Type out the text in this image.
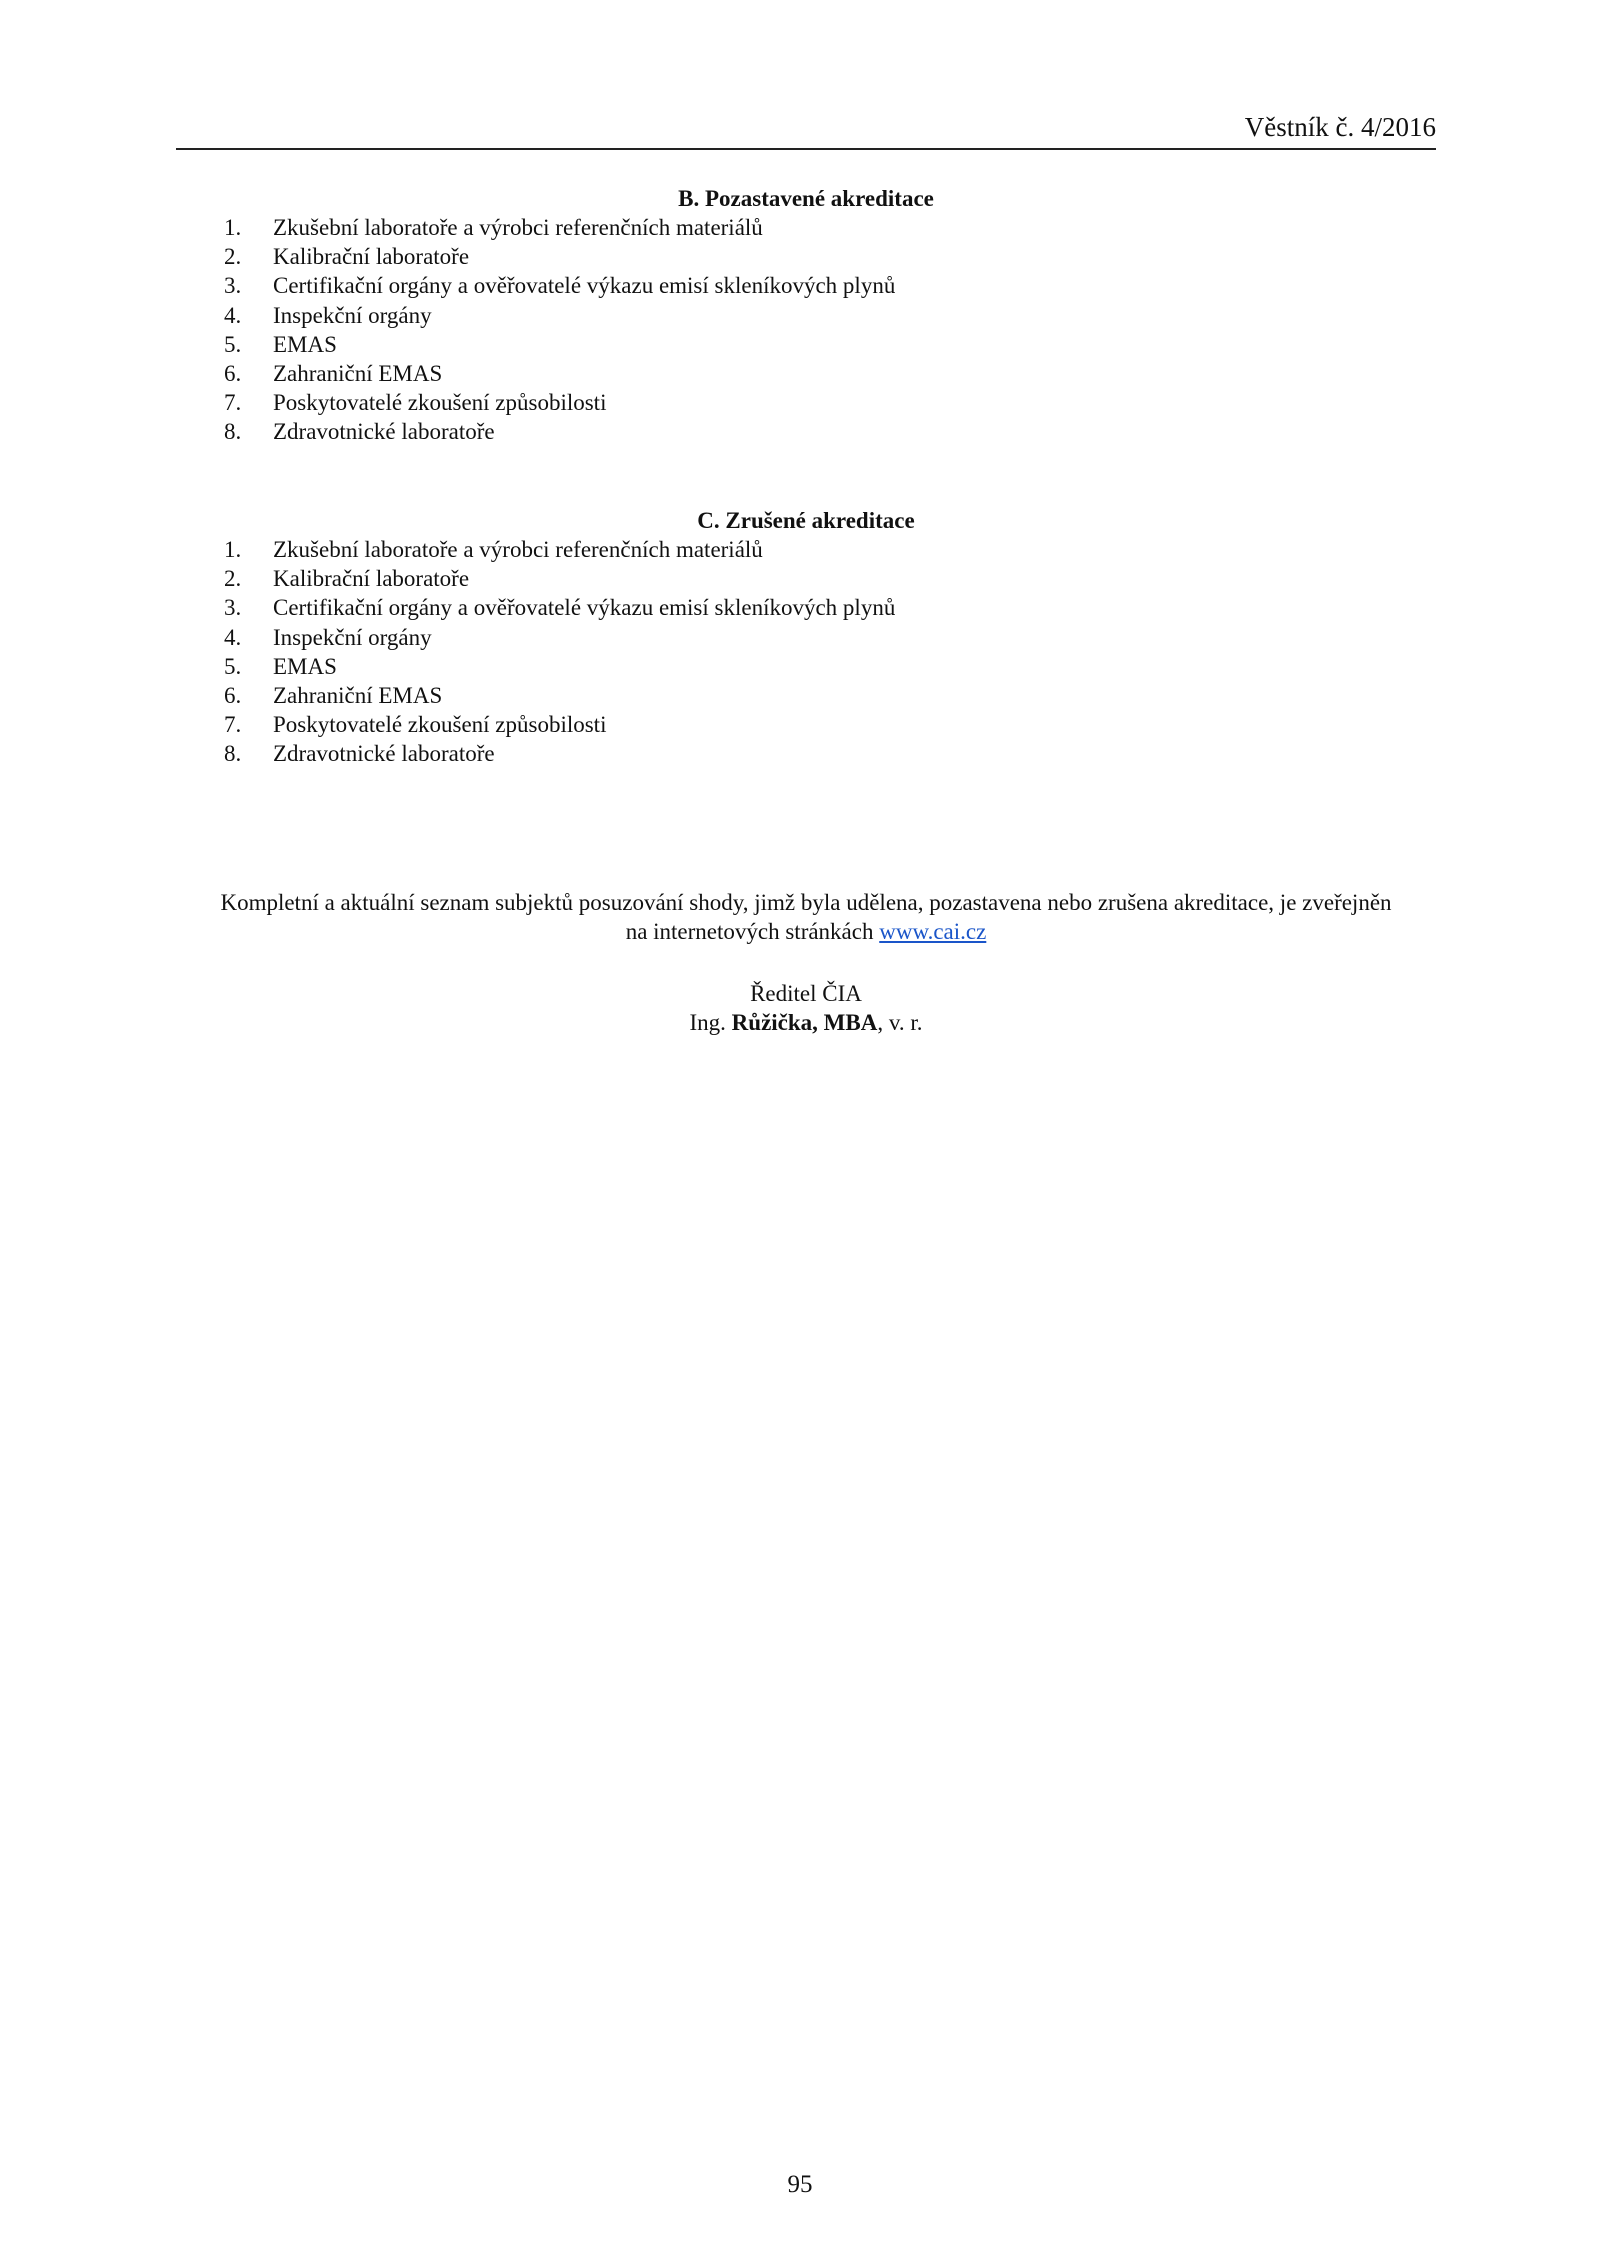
Věstník č. 4/2016
B. Pozastavené akreditace
1.	Zkušební laboratoře a výrobci referenčních materiálů
2.	Kalibrační laboratoře
3.	Certifikační orgány a ověřovatelé výkazu emisí skleníkových plynů
4.	Inspekční orgány
5.	EMAS
6.	Zahraniční EMAS
7.	Poskytovatelé zkoušení způsobilosti
8.	Zdravotnické laboratoře
C. Zrušené akreditace
1.	Zkušební laboratoře a výrobci referenčních materiálů
2.	Kalibrační laboratoře
3.	Certifikační orgány a ověřovatelé výkazu emisí skleníkových plynů
4.	Inspekční orgány
5.	EMAS
6.	Zahraniční EMAS
7.	Poskytovatelé zkoušení způsobilosti
8.	Zdravotnické laboratoře
Kompletní a aktuální seznam subjektů posuzování shody, jimž byla udělena, pozastavena nebo zrušena akreditace, je zveřejněn
na internetových stránkách www.cai.cz
Ředitel ČIA
Ing. Růžička, MBA, v. r.
95
